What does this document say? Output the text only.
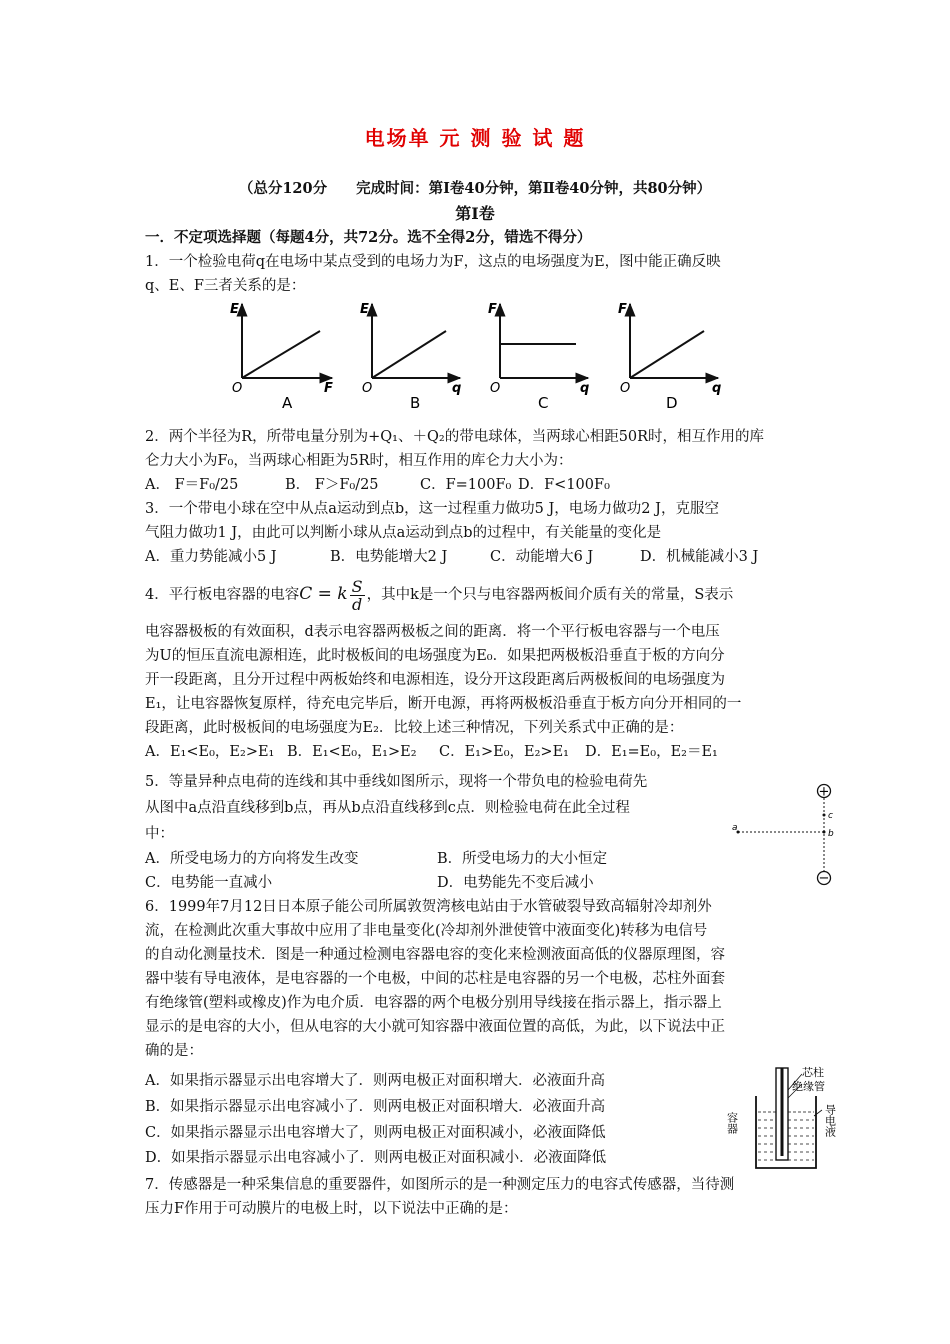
电场单 元 测 验 试 题
（总分120分　　完成时间：第Ⅰ卷40分钟，第Ⅱ卷40分钟，共80分钟）
第Ⅰ卷
一．不定项选择题（每题4分，共72分。选不全得2分，错选不得分）
1．一个检验电荷q在电场中某点受到的电场力为F，这点的电场强度为E，图中能正确反映
q、E、F三者关系的是：
E
O	F
A
E
O	q
B
F
O	q
C
F
O	q
D
2．两个半径为R，所带电量分别为+Q₁、＋Q₂的带电球体，当两球心相距50R时，相互作用的库
仑力大小为F₀，当两球心相距为5R时，相互作用的库仑力大小为：
A． F＝F₀/25	B． F＞F₀/25	C．F=100F₀ D．F<100F₀
3．一个带电小球在空中从点a运动到点b，这一过程重力做功5 J，电场力做功2 J，克服空
气阻力做功1 J，由此可以判断小球从点a运动到点b的过程中，有关能量的变化是
A．重力势能减小5 J	B．电势能增大2 J	C．动能增大6 J	D．机械能减小3 J
4．平行板电容器的电容C = k $\frac{S}{d}$ ，其中k是一个只与电容器两板间介质有关的常量，S表示
电容器极板的有效面积，d表示电容器两极板之间的距离．将一个平行板电容器与一个电压
为U的恒压直流电源相连，此时极板间的电场强度为E₀．如果把两极板沿垂直于板的方向分
开一段距离，且分开过程中两板始终和电源相连，设分开这段距离后两极板间的电场强度为
E₁，让电容器恢复原样，待充电完毕后，断开电源，再将两极板沿垂直于板方向分开相同的一
段距离，此时极板间的电场强度为E₂．比较上述三种情况，下列关系式中正确的是：
A．E₁<E₀，E₂>E₁ B．E₁<E₀，E₁>E₂ C．E₁>E₀，E₂>E₁ D．E₁=E₀，E₂＝E₁
5．等量异种点电荷的连线和其中垂线如图所示，现将一个带负电的检验电荷先
从图中a点沿直线移到b点，再从b点沿直线移到c点．则检验电荷在此全过程
中：
A．所受电场力的方向将发生改变	B．所受电场力的大小恒定
C．电势能一直减小	D．电势能先不变后减小
+
−
a
b
c
6．1999年7月12日日本原子能公司所属敦贺湾核电站由于水管破裂导致高辐射冷却剂外
流，在检测此次重大事故中应用了非电量变化(冷却剂外泄使管中液面变化)转移为电信号
的自动化测量技术．图是一种通过检测电容器电容的变化来检测液面高低的仪器原理图，容
器中装有导电液体，是电容器的一个电极，中间的芯柱是电容器的另一个电极，芯柱外面套
有绝缘管(塑料或橡皮)作为电介质．电容器的两个电极分别用导线接在指示器上，指示器上
显示的是电容的大小，但从电容的大小就可知容器中液面位置的高低，为此，以下说法中正
确的是：
A．如果指示器显示出电容增大了．则两电极正对面积增大．必液面升高
B．如果指示器显示出电容减小了．则两电极正对面积增大．必液面升高
C．如果指示器显示出电容增大了，则两电极正对面积减小，必液面降低
D．如果指示器显示出电容减小了．则两电极正对面积减小．必液面降低
芯柱
绝缘管
容器	导电液
7．传感器是一种采集信息的重要器件，如图所示的是一种测定压力的电容式传感器，当待测
压力F作用于可动膜片的电极上时，以下说法中正确的是：
